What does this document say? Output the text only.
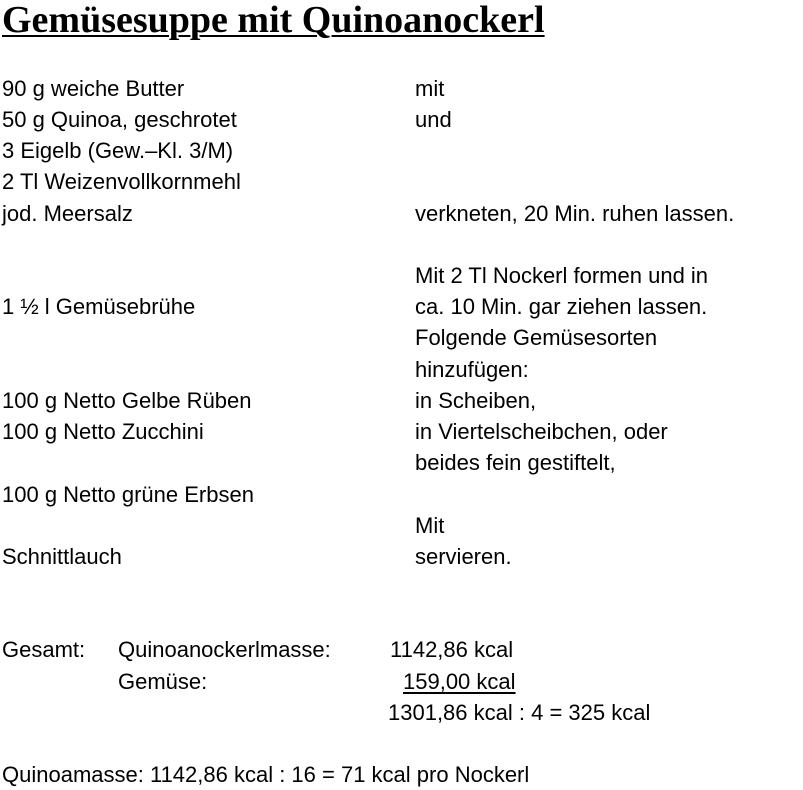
Gemüsesuppe mit Quinoanockerl
90 g weiche Butter
50 g Quinoa, geschrotet
3 Eigelb (Gew.–Kl. 3/M)
2 Tl Weizenvollkornmehl
jod. Meersalz
1 ½ l Gemüsebrühe
100 g Netto Gelbe Rüben
100 g Netto Zucchini
100 g Netto grüne Erbsen
Schnittlauch
mit
und
verkneten, 20 Min. ruhen lassen.
Mit 2 Tl Nockerl formen und in
ca. 10 Min. gar ziehen lassen.
Folgende Gemüsesorten
hinzufügen:
in Scheiben,
in Viertelscheibchen, oder
beides fein gestiftelt,
Mit
servieren.
Gesamt: Quinoanockerlmasse:	1142,86 kcal
Gemüse:	159,00 kcal
1301,86 kcal : 4 = 325 kcal
Quinoamasse: 1142,86 kcal : 16 = 71 kcal pro Nockerl
